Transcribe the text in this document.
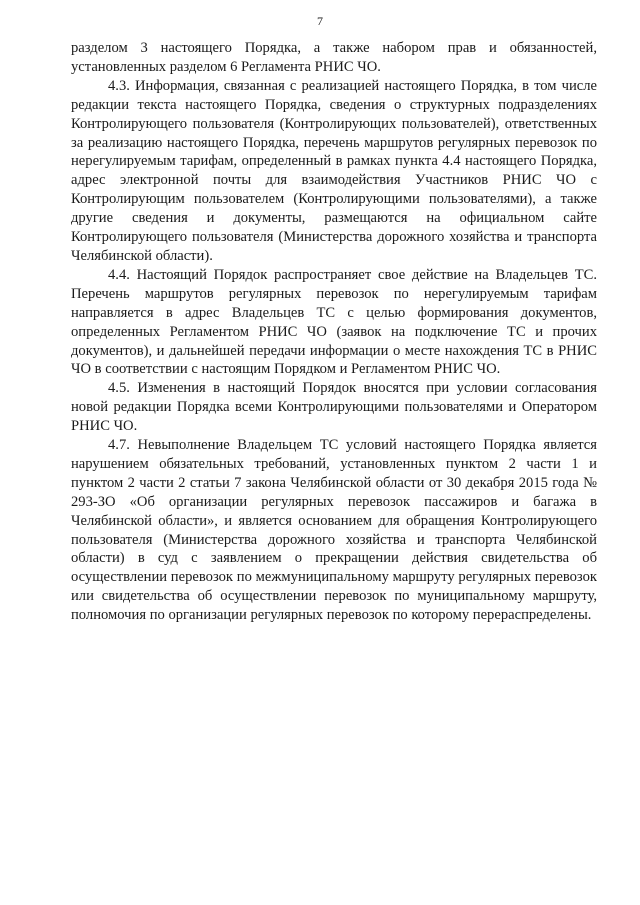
7

разделом 3 настоящего Порядка, а также набором прав и обязанностей, установленных разделом 6 Регламента РНИС ЧО.

4.3. Информация, связанная с реализацией настоящего Порядка, в том числе редакции текста настоящего Порядка, сведения о структурных подразделениях Контролирующего пользователя (Контролирующих пользователей), ответственных за реализацию настоящего Порядка, перечень маршрутов регулярных перевозок по нерегулируемым тарифам, определенный в рамках пункта 4.4 настоящего Порядка, адрес электронной почты для взаимодействия Участников РНИС ЧО с Контролирующим пользователем (Контролирующими пользователями), а также другие сведения и документы, размещаются на официальном сайте Контролирующего пользователя (Министерства дорожного хозяйства и транспорта Челябинской области).

4.4. Настоящий Порядок распространяет свое действие на Владельцев ТС. Перечень маршрутов регулярных перевозок по нерегулируемым тарифам направляется в адрес Владельцев ТС с целью формирования документов, определенных Регламентом РНИС ЧО (заявок на подключение ТС и прочих документов), и дальнейшей передачи информации о месте нахождения ТС в РНИС ЧО в соответствии с настоящим Порядком и Регламентом РНИС ЧО.

4.5. Изменения в настоящий Порядок вносятся при условии согласования новой редакции Порядка всеми Контролирующими пользователями и Оператором РНИС ЧО.

4.7. Невыполнение Владельцем ТС условий настоящего Порядка является нарушением обязательных требований, установленных пунктом 2 части 1 и пунктом 2 части 2 статьи 7 закона Челябинской области от 30 декабря 2015 года № 293-ЗО «Об организации регулярных перевозок пассажиров и багажа в Челябинской области», и является основанием для обращения Контролирующего пользователя (Министерства дорожного хозяйства и транспорта Челябинской области) в суд с заявлением о прекращении действия свидетельства об осуществлении перевозок по межмуниципальному маршруту регулярных перевозок или свидетельства об осуществлении перевозок по муниципальному маршруту, полномочия по организации регулярных перевозок по которому перераспределены.
